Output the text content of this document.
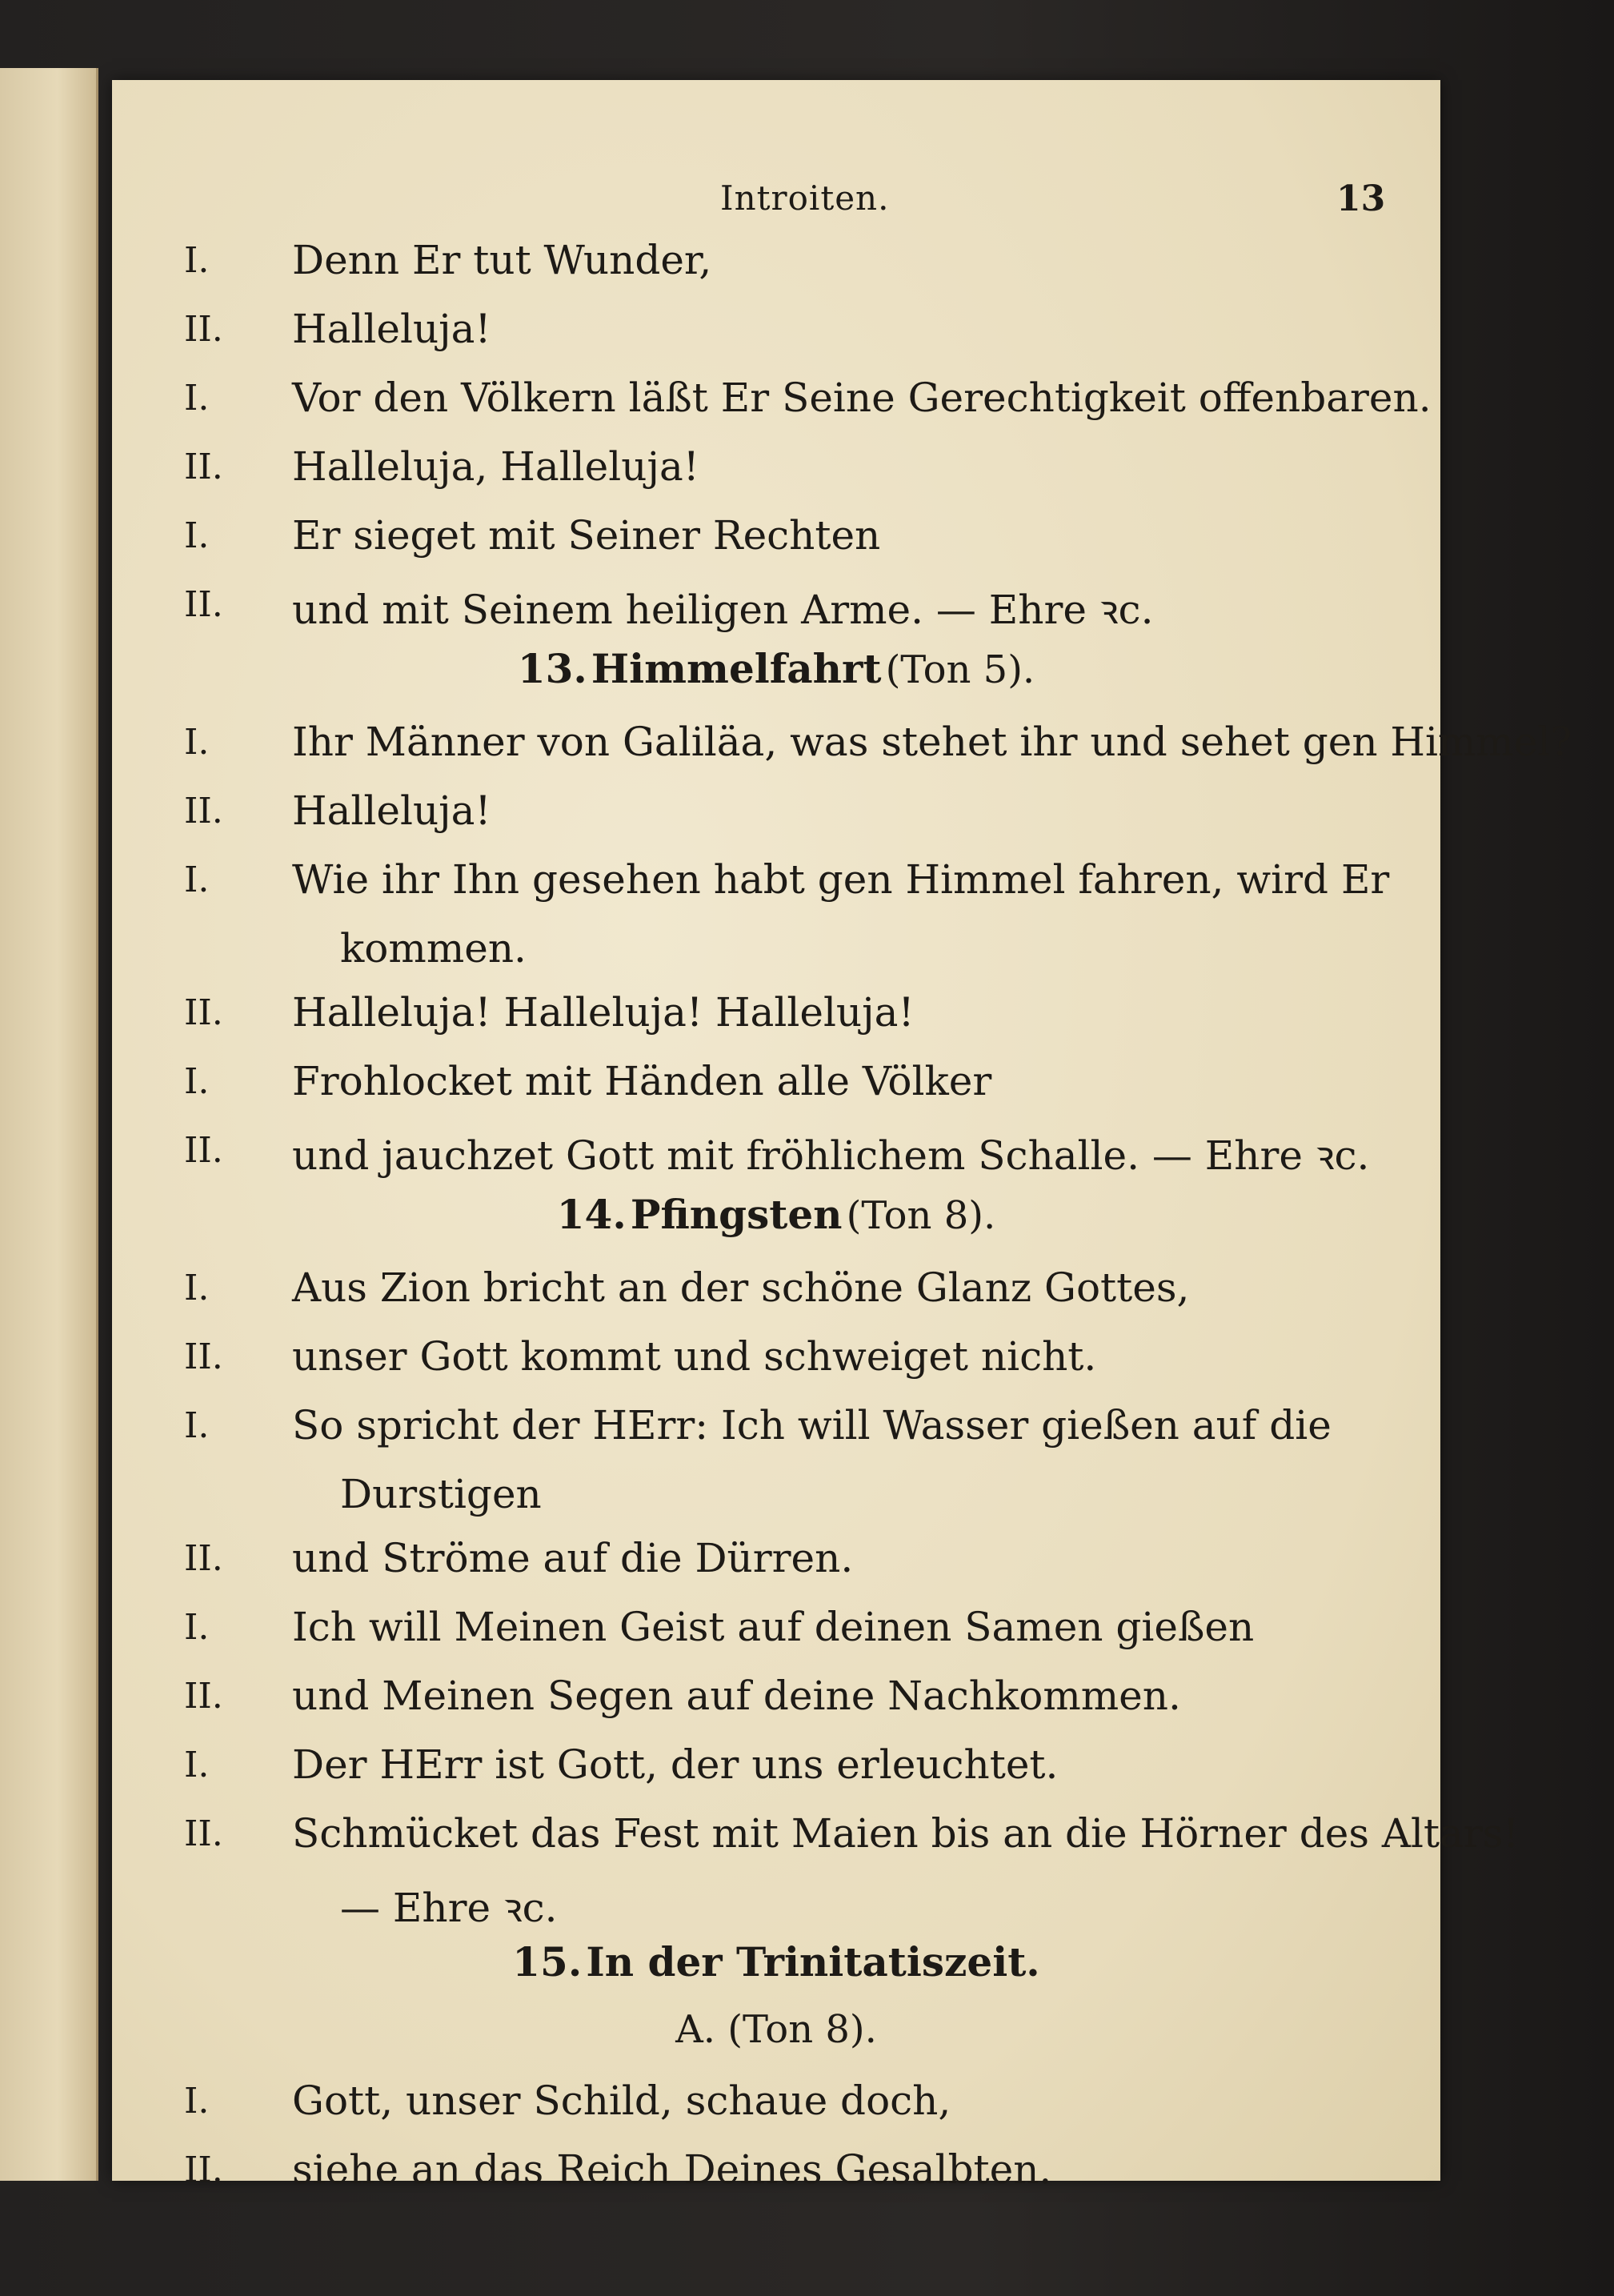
Introiten.	13
I.	Denn Er tut Wunder,
II.	Halleluja!
I.	Vor den Völkern läßt Er Seine Gerechtigkeit offenbaren.
II.	Halleluja, Halleluja!
I.	Er sieget mit Seiner Rechten
II.	und mit Seinem heiligen Arme. — Ehre ꝛc.
13. Himmelfahrt (Ton 5).
I.	Ihr Männer von Galiläa, was stehet ihr und sehet gen Himmel?
II.	Halleluja!
I.	Wie ihr Ihn gesehen habt gen Himmel fahren, wird Er
kommen.
II.	Halleluja! Halleluja! Halleluja!
I.	Frohlocket mit Händen alle Völker
II.	und jauchzet Gott mit fröhlichem Schalle. — Ehre ꝛc.
14. Pfingsten (Ton 8).
I.	Aus Zion bricht an der schöne Glanz Gottes,
II.	unser Gott kommt und schweiget nicht.
I.	So spricht der HErr: Ich will Wasser gießen auf die
Durstigen
II.	und Ströme auf die Dürren.
I.	Ich will Meinen Geist auf deinen Samen gießen
II.	und Meinen Segen auf deine Nachkommen.
I.	Der HErr ist Gott, der uns erleuchtet.
II.	Schmücket das Fest mit Maien bis an die Hörner des Altars!
— Ehre ꝛc.
15. In der Trinitatiszeit.
A. (Ton 8).
I.	Gott, unser Schild, schaue doch,
II.	siehe an das Reich Deines Gesalbten.
